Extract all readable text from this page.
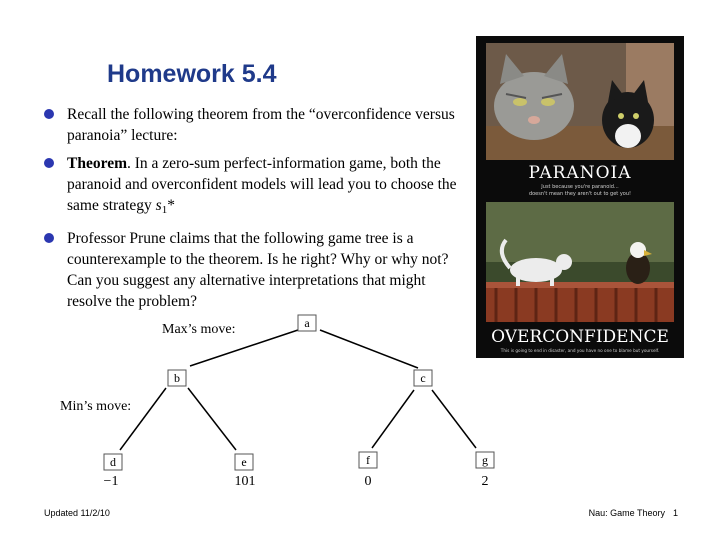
Homework 5.4
Recall the following theorem from the “overconfidence versus paranoia” lecture:
Theorem. In a zero-sum perfect-information game, both the paranoid and overconfident models will lead you to choose the same strategy $s_1*$
Professor Prune claims that the following game tree is a counterexample to the theorem. Is he right? Why or why not? Can you suggest any alternative interpretations that might resolve the problem?
PARANOIA
Just because you're paranoid...
doesn't mean they aren't out to get you!
OVERCONFIDENCE
This is going to end in disaster, and you have no one to blame but yourself.
Max’s move:
Min’s move:
a
b	c
d	e	f	g
−1	101	0	2
Updated 11/2/10	Nau: Game Theory 1
